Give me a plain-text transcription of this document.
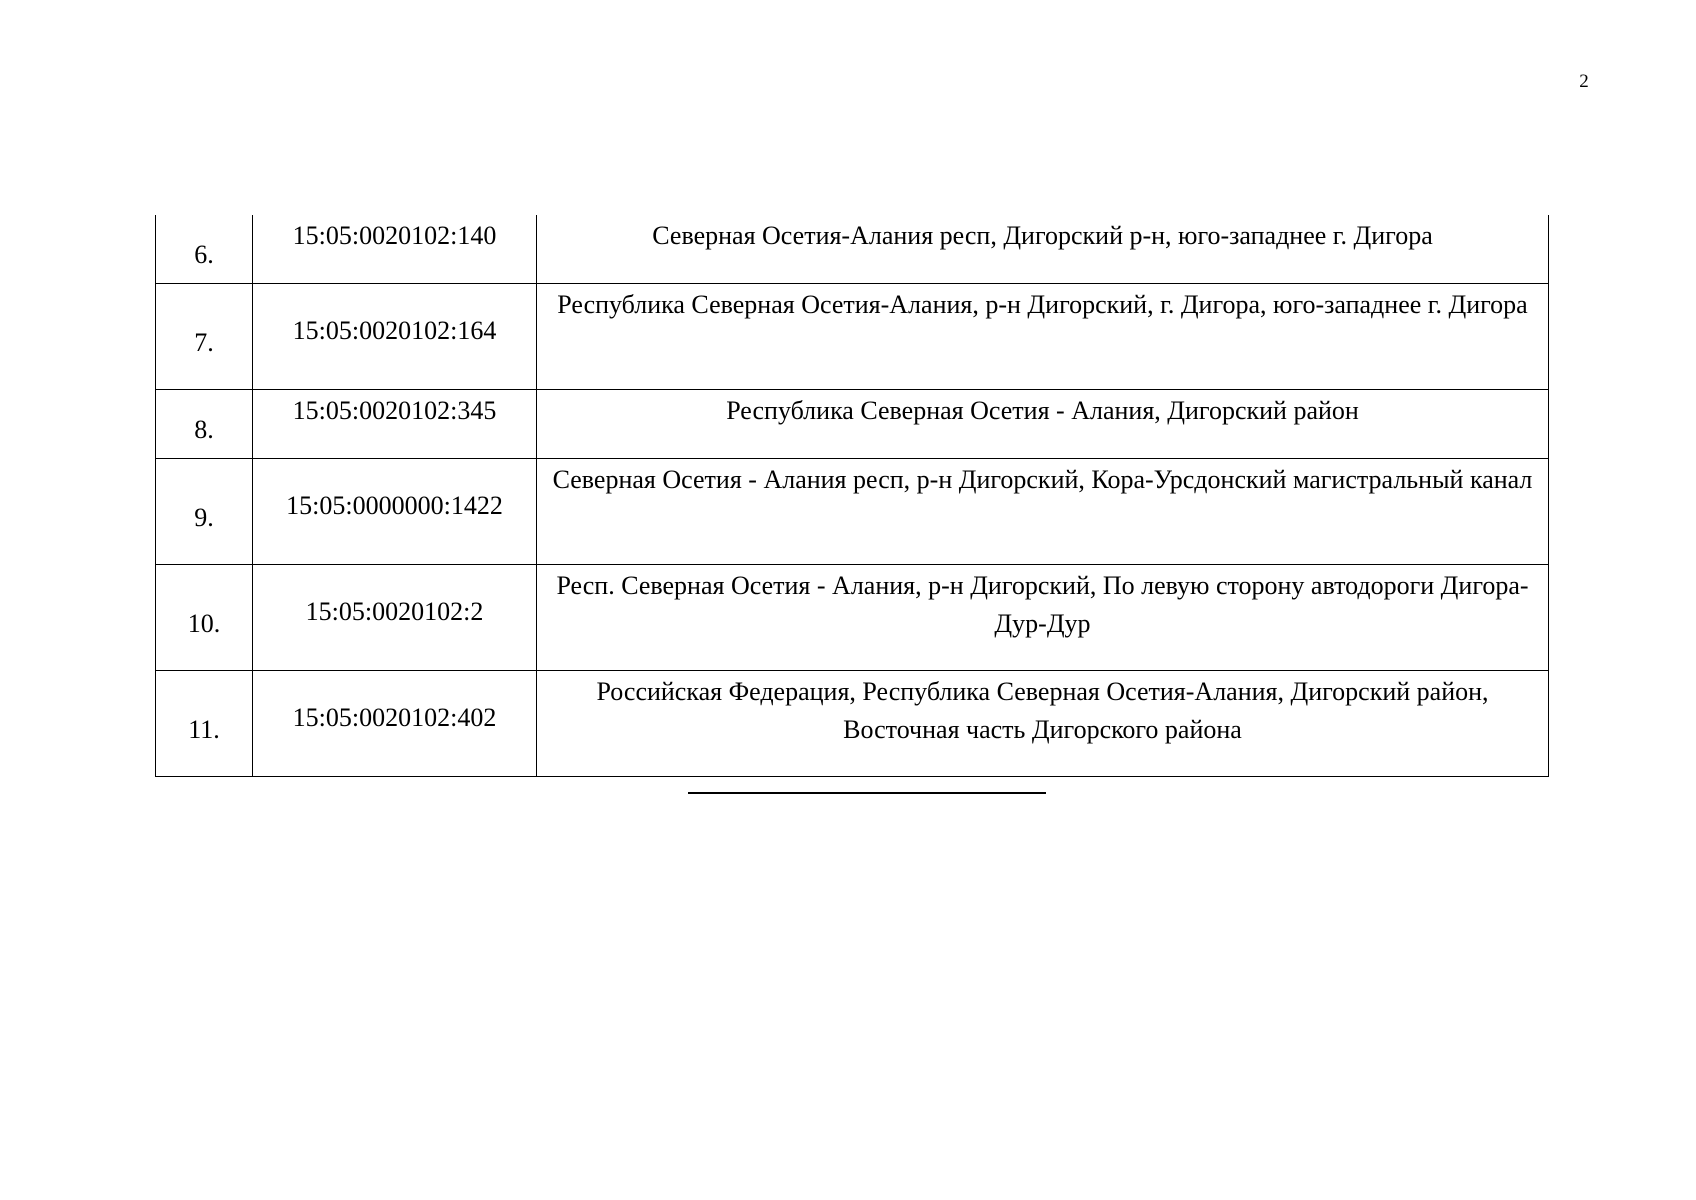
2
6.	15:05:0020102:140	Северная Осетия-Алания респ, Дигорский р-н, юго-западнее г. Дигора
7.	15:05:0020102:164	Республика Северная Осетия-Алания, р-н Дигорский, г. Дигора, юго-западнее г. Дигора
8.	15:05:0020102:345	Республика Северная Осетия - Алания, Дигорский район
9.	15:05:0000000:1422	Северная Осетия - Алания респ, р-н Дигорский, Кора-Урсдонский магистральный канал
10.	15:05:0020102:2	Респ. Северная Осетия - Алания, р-н Дигорский, По левую сторону автодороги Дигора-Дур-Дур
11.	15:05:0020102:402	Российская Федерация, Республика Северная Осетия-Алания, Дигорский район, Восточная часть Дигорского района
